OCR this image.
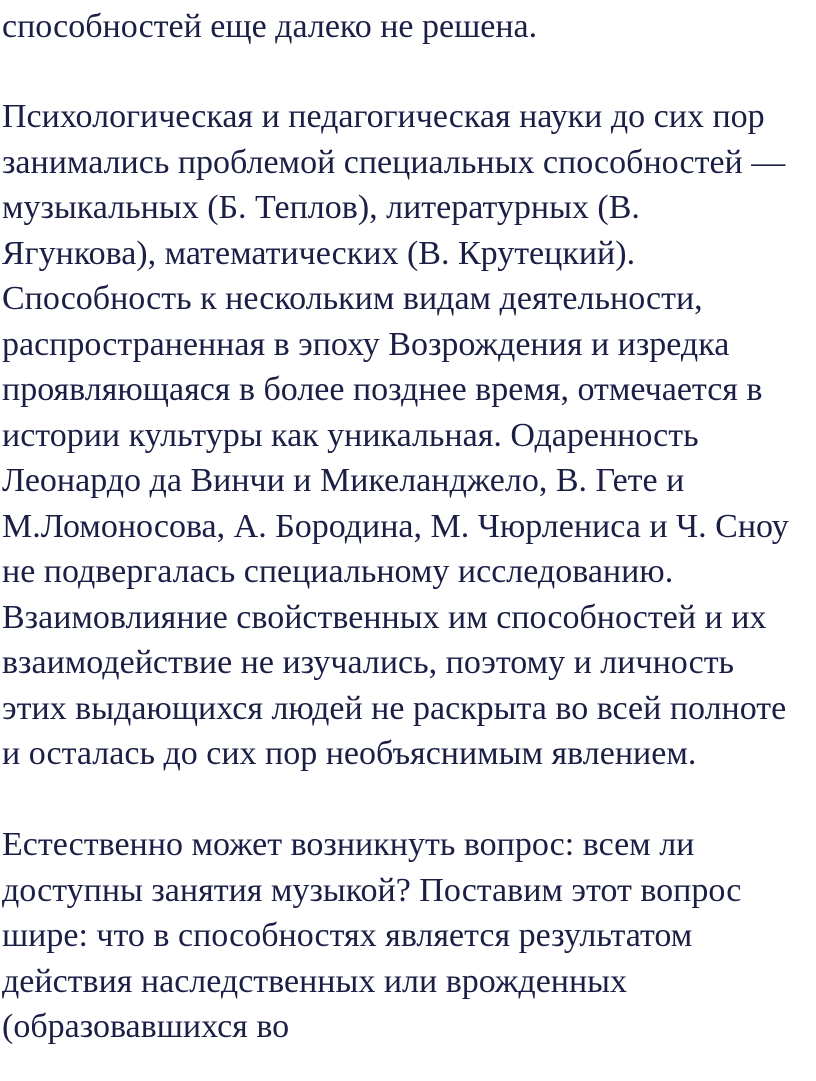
способностей еще далеко не решена.

Психологическая и педагогическая науки до сих пор

занимались проблемой специальных способностей —

музыкальных (Б. Теплов), литературных (В.

Ягункова), математических (В. Крутецкий).

Способность к нескольким видам деятельности,

распространенная в эпоху Возрождения и изредка

проявляющаяся в более позднее время, отмечается в

истории культуры как уникальная. Одаренность

Леонардо да Винчи и Микеланджело, В. Гете и

М.Ломоносова, А. Бородина, М. Чюрлениса и Ч. Сноу

не подвергалась специальному исследованию.

Взаимовлияние свойственных им способностей и их

взаимодействие не изучались, поэтому и личность

этих выдающихся людей не раскрыта во всей полноте

и осталась до сих пор необъяснимым явлением.

Естественно может возникнуть вопрос: всем ли

доступны занятия музыкой? Поставим этот вопрос

шире: что в способностях является результатом

действия наследственных или врожденных

(образовавшихся во
